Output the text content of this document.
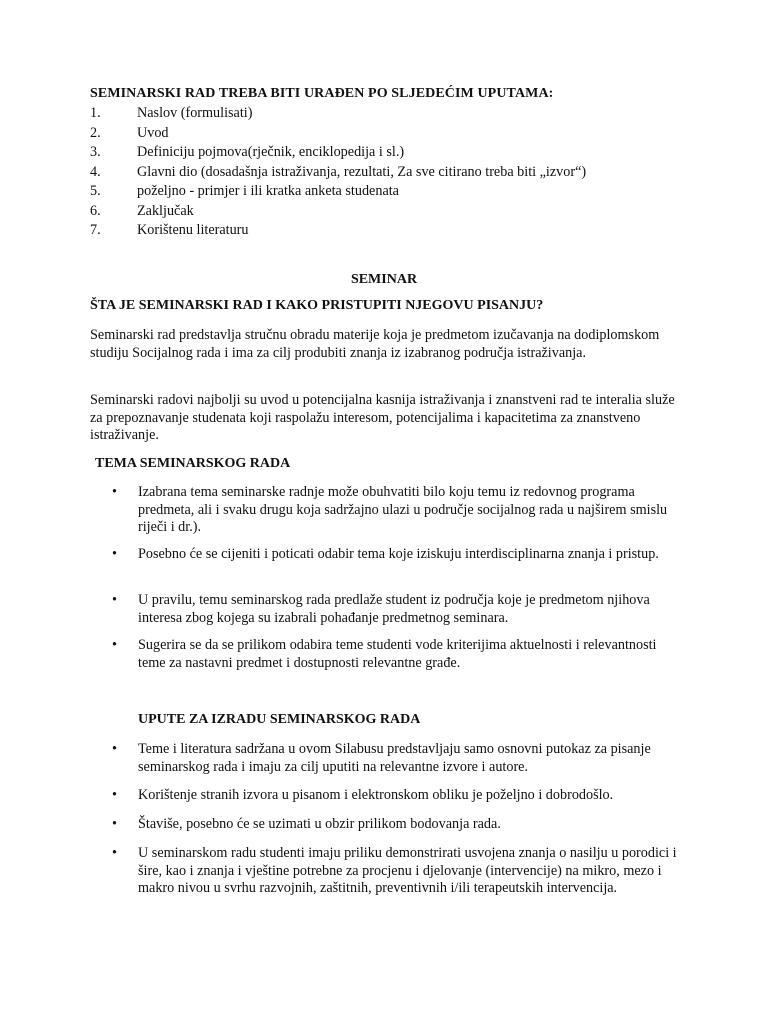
SEMINARSKI RAD TREBA BITI URAĐEN PO SLJEDEĆIM UPUTAMA:
1.	Naslov (formulisati)
2.	Uvod
3.	Definiciju pojmova(rječnik, enciklopedija i sl.)
4.	Glavni dio (dosadašnja istraživanja, rezultati, Za sve citirano treba biti „izvor“)
5.	poželjno - primjer i ili kratka anketa studenata
6.	Zaključak
7.	Korištenu literaturu
SEMINAR
ŠTA JE SEMINARSKI RAD I KAKO PRISTUPITI NJEGOVU PISANJU?

Seminarski rad predstavlja stručnu obradu materije koja je predmetom izučavanja na dodiplomskom studiju Socijalnog rada i ima za cilj produbiti znanja iz izabranog područja istraživanja.

Seminarski radovi najbolji su uvod u potencijalna kasnija istraživanja i znanstveni rad te interalia služe za prepoznavanje studenata koji raspolažu interesom, potencijalima i kapacitetima za znanstveno istraživanje.

TEMA SEMINARSKOG RADA
• Izabrana tema seminarske radnje može obuhvatiti bilo koju temu iz redovnog programa predmeta, ali i svaku drugu koja sadržajno ulazi u područje socijalnog rada u najširem smislu riječi i dr.).
• Posebno će se cijeniti i poticati odabir tema koje iziskuju interdisciplinarna znanja i pristup.
• U pravilu, temu seminarskog rada predlaže student iz područja koje je predmetom njihova interesa zbog kojega su izabrali pohađanje predmetnog seminara.
• Sugerira se da se prilikom odabira teme studenti vode kriterijima aktuelnosti i relevantnosti teme za nastavni predmet i dostupnosti relevantne građe.
UPUTE ZA IZRADU SEMINARSKOG RADA
• Teme i literatura sadržana u ovom Silabusu predstavljaju samo osnovni putokaz za pisanje seminarskog rada i imaju za cilj uputiti na relevantne izvore i autore.
• Korištenje stranih izvora u pisanom i elektronskom obliku je poželjno i dobrodošlo.
• Štaviše, posebno će se uzimati u obzir prilikom bodovanja rada.
• U seminarskom radu studenti imaju priliku demonstrirati usvojena znanja o nasilju u porodici i šire, kao i znanja i vještine potrebne za procjenu i djelovanje (intervencije) na mikro, mezo i makro nivou u svrhu razvojnih, zaštitnih, preventivnih i/ili terapeutskih intervencija.
